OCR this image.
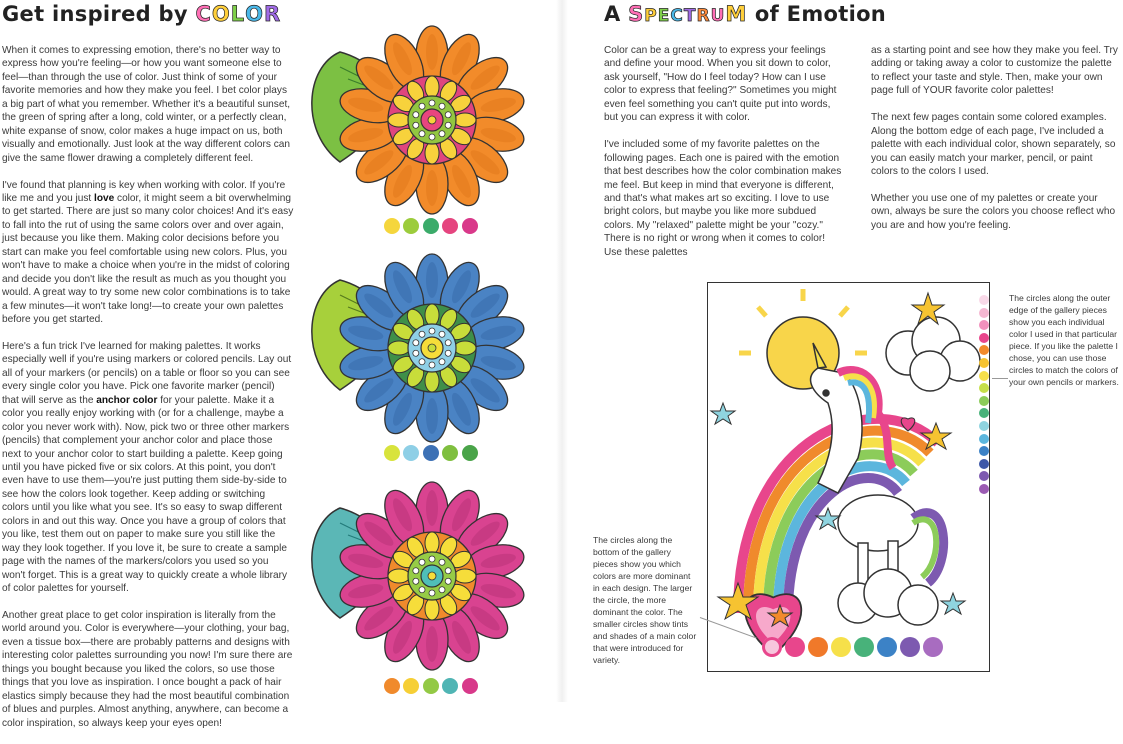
Get inspired by COLOR

When it comes to expressing emotion, there's no better way to express how you're feeling—or how you want someone else to feel—than through the use of color. Just think of some of your favorite memories and how they make you feel. I bet color plays a big part of what you remember. Whether it's a beautiful sunset, the green of spring after a long, cold winter, or a perfectly clean, white expanse of snow, color makes a huge impact on us, both visually and emotionally. Just look at the way different colors can give the same flower drawing a completely different feel.

I've found that planning is key when working with color. If you're like me and you just love color, it might seem a bit overwhelming to get started. There are just so many color choices! And it's easy to fall into the rut of using the same colors over and over again, just because you like them. Making color decisions before you start can make you feel comfortable using new colors. Plus, you won't have to make a choice when you're in the midst of coloring and decide you don't like the result as much as you thought you would. A great way to try some new color combinations is to take a few minutes—it won't take long!—to create your own palettes before you get started.

Here's a fun trick I've learned for making palettes. It works especially well if you're using markers or colored pencils. Lay out all of your markers (or pencils) on a table or floor so you can see every single color you have. Pick one favorite marker (pencil) that will serve as the anchor color for your palette. Make it a color you really enjoy working with (or for a challenge, maybe a color you never work with). Now, pick two or three other markers (pencils) that complement your anchor color and place those next to your anchor color to start building a palette. Keep going until you have picked five or six colors. At this point, you don't even have to use them—you're just putting them side-by-side to see how the colors look together. Keep adding or switching colors until you like what you see. It's so easy to swap different colors in and out this way. Once you have a group of colors that you like, test them out on paper to make sure you still like the way they look together. If you love it, be sure to create a sample page with the names of the markers/colors you used so you won't forget. This is a great way to quickly create a whole library of color palettes for yourself.

Another great place to get color inspiration is literally from the world around you. Color is everywhere—your clothing, your bag, even a tissue box—there are probably patterns and designs with interesting color palettes surrounding you now! I'm sure there are things you bought because you liked the colors, so use those things that you love as inspiration. I once bought a pack of hair elastics simply because they had the most beautiful combination of blues and purples. Almost anything, anywhere, can become a color inspiration, so always keep your eyes open!

A SPECTRUM of Emotion

Color can be a great way to express your feelings and define your mood. When you sit down to color, ask yourself, "How do I feel today? How can I use color to express that feeling?" Sometimes you might even feel something you can't quite put into words, but you can express it with color.

I've included some of my favorite palettes on the following pages. Each one is paired with the emotion that best describes how the color combination makes me feel. But keep in mind that everyone is different, and that's what makes art so exciting. I love to use bright colors, but maybe you like more subdued colors. My "relaxed" palette might be your "cozy." There is no right or wrong when it comes to color! Use these palettes

as a starting point and see how they make you feel. Try adding or taking away a color to customize the palette to reflect your taste and style. Then, make your own page full of YOUR favorite color palettes!

The next few pages contain some colored examples. Along the bottom edge of each page, I've included a palette with each individual color, shown separately, so you can easily match your marker, pencil, or paint colors to the colors I used.

Whether you use one of my palettes or create your own, always be sure the colors you choose reflect who you are and how you're feeling.

The circles along the outer edge of the gallery pieces show you each individual color I used in that particular piece. If you like the palette I chose, you can use those circles to match the colors of your own pencils or markers.
The circles along the bottom of the gallery pieces show you which colors are more dominant in each design. The larger the circle, the more dominant the color. The smaller circles show tints and shades of a main color that were introduced for variety.
